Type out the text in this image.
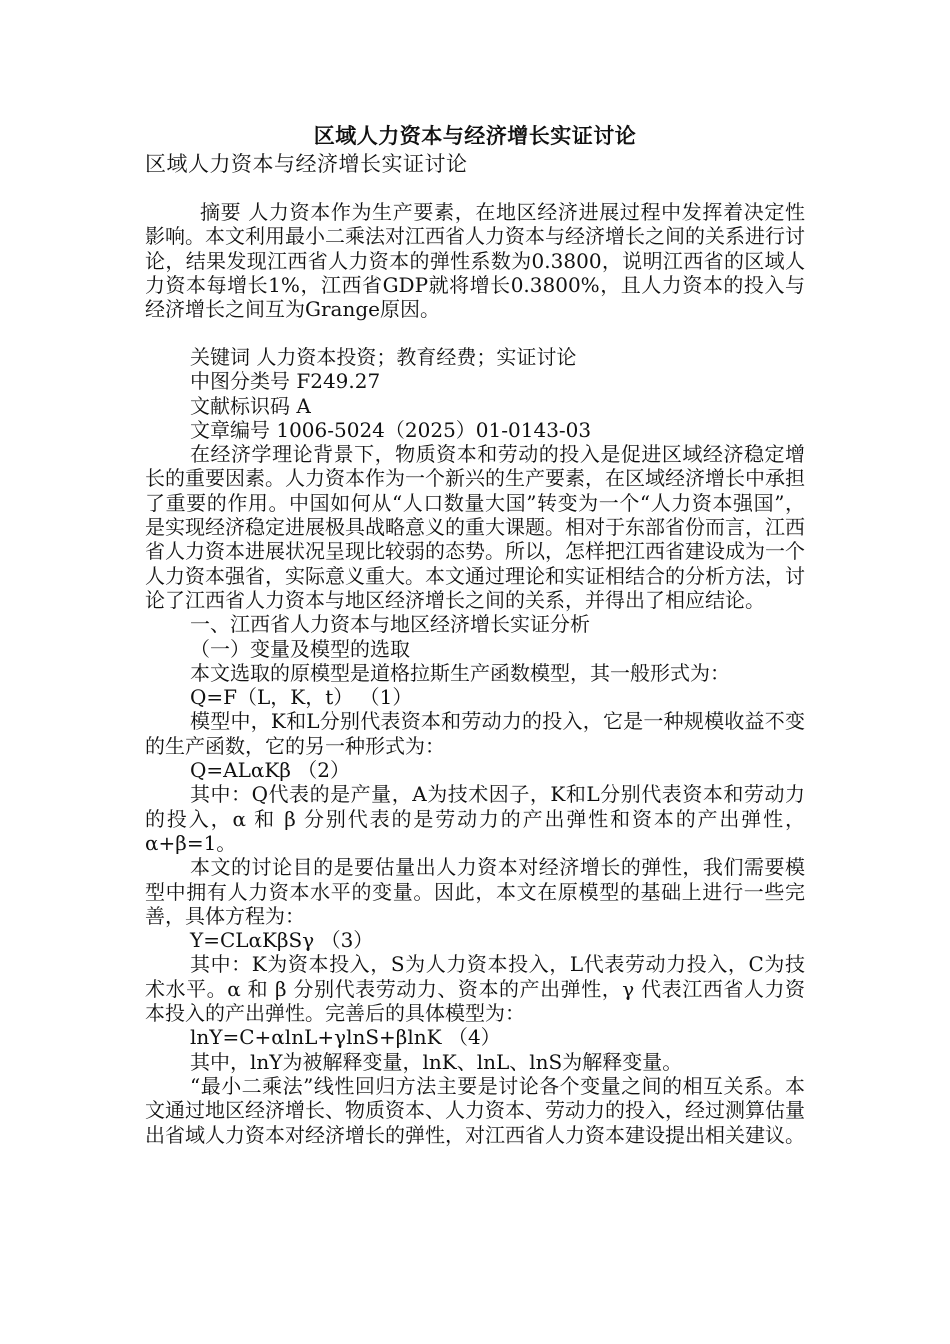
区域人力资本与经济增长实证讨论
区域人力资本与经济增长实证讨论
摘要 人力资本作为生产要素，在地区经济进展过程中发挥着决定性影响。本文利用最小二乘法对江西省人力资本与经济增长之间的关系进行讨论，结果发现江西省人力资本的弹性系数为0.3800，说明江西省的区域人力资本每增长1%，江西省GDP就将增长0.3800%，且人力资本的投入与经济增长之间互为Grange原因。

关键词 人力资本投资；教育经费；实证讨论

中图分类号 F249.27

文献标识码 A

文章编号 1006-5024（2025）01-0143-03

在经济学理论背景下，物质资本和劳动的投入是促进区域经济稳定增长的重要因素。人力资本作为一个新兴的生产要素，在区域经济增长中承担了重要的作用。中国如何从“人口数量大国”转变为一个“人力资本强国”，是实现经济稳定进展极具战略意义的重大课题。相对于东部省份而言，江西省人力资本进展状况呈现比较弱的态势。所以，怎样把江西省建设成为一个人力资本强省，实际意义重大。本文通过理论和实证相结合的分析方法，讨论了江西省人力资本与地区经济增长之间的关系，并得出了相应结论。

一、江西省人力资本与地区经济增长实证分析

（一）变量及模型的选取

本文选取的原模型是道格拉斯生产函数模型，其一般形式为：

Q=F（L，K，t） （1）

模型中，K和L分别代表资本和劳动力的投入，它是一种规模收益不变的生产函数，它的另一种形式为：

Q=ALαKβ （2）

其中：Q代表的是产量，A为技术因子，K和L分别代表资本和劳动力的投入，α 和 β 分别代表的是劳动力的产出弹性和资本的产出弹性，α+β=1。

本文的讨论目的是要估量出人力资本对经济增长的弹性，我们需要模型中拥有人力资本水平的变量。因此，本文在原模型的基础上进行一些完善，具体方程为：

Y=CLαKβSγ （3）

其中：K为资本投入，S为人力资本投入，L代表劳动力投入，C为技术水平。α 和 β 分别代表劳动力、资本的产出弹性，γ 代表江西省人力资本投入的产出弹性。完善后的具体模型为：

lnY=C+αlnL+γlnS+βlnK （4）

其中，lnY为被解释变量，lnK、lnL、lnS为解释变量。

“最小二乘法”线性回归方法主要是讨论各个变量之间的相互关系。本文通过地区经济增长、物质资本、人力资本、劳动力的投入，经过测算估量出省域人力资本对经济增长的弹性，对江西省人力资本建设提出相关建议。
